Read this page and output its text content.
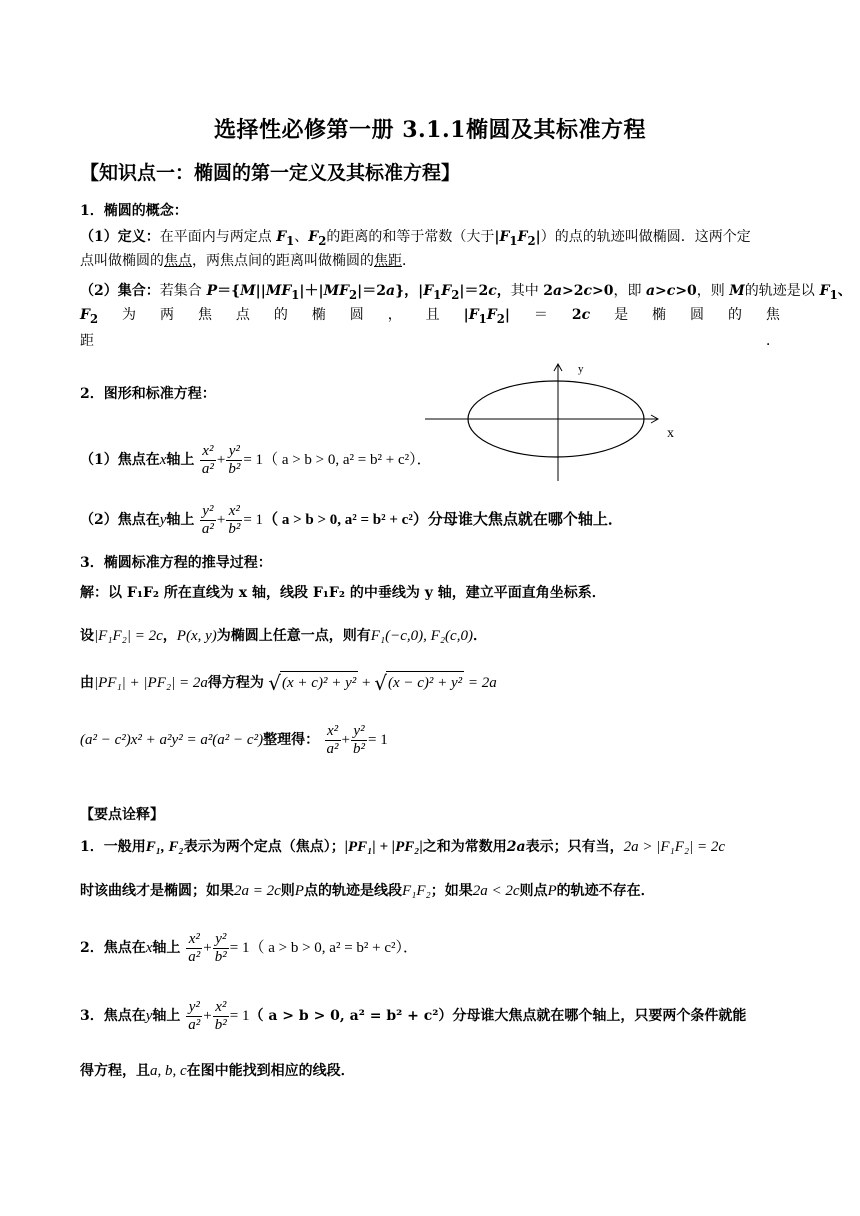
选择性必修第一册 3.1.1椭圆及其标准方程
【知识点一：椭圆的第一定义及其标准方程】
1．椭圆的概念：
（1）定义：在平面内与两定点 $F_1$、$F_2$的距离的和等于常数（大于$|F_1F_2|$）的点的轨迹叫做椭圆．这两个定
点叫做椭圆的焦点，两焦点间的距离叫做椭圆的焦距．
（2）集合：若集合 $P=\{M||MF_1|+|MF_2|=2a\}$，$|F_1F_2|=2c$，其中 2a>2c>0，即 a>c>0，则 M的轨迹是以 $F_1$、
$F_2$ 为 两 焦 点 的 椭 圆 ， 且 $|F_1F_2| = 2c$ 是 椭 圆 的 焦
距	．
2．图形和标准方程：
x
y
（1）焦点在x轴上 $\frac{\text{x²}}{\text{a²}} + \frac{\text{y²}}{\text{b²}} = 1$（ a > b > 0, a² = b² + c²）．
（2）焦点在y轴上 $\frac{\text{y²}}{\text{a²}} + \frac{\text{x²}}{\text{b²}} = 1$（ a > b > 0, a² = b² + c²）分母谁大焦点就在哪个轴上．
3．椭圆标准方程的推导过程：
解：以 F₁F₂ 所在直线为 x 轴，线段 F₁F₂ 的中垂线为 y 轴，建立平面直角坐标系．
设|F₁F₂| = 2c，P(x, y)为椭圆上任意一点，则有F₁(−c,0), F₂(c,0)．
由|PF₁| + |PF₂| = 2a得方程为 √(x + c)² + y² + √(x − c)² + y² = 2a
(a² − c²)x² + a²y² = a²(a² − c²)整理得： $\frac{\text{x²}}{\text{a²}} + \frac{\text{y²}}{\text{b²}} = 1$
【要点诠释】
1．一般用F₁, F₂表示为两个定点（焦点）；|PF₁| + |PF₂|之和为常数用2a表示；只有当，2a > |F₁F₂| = 2c
时该曲线才是椭圆；如果2a = 2c则P点的轨迹是线段F₁F₂；如果2a < 2c则点P的轨迹不存在．
2．焦点在x轴上 $\frac{\text{x²}}{\text{a²}} + \frac{\text{y²}}{\text{b²}} = 1$（ a > b > 0, a² = b² + c²）．
3．焦点在y轴上 $\frac{\text{y²}}{\text{a²}} + \frac{\text{x²}}{\text{b²}} = 1$（ a > b > 0, a² = b² + c²）分母谁大焦点就在哪个轴上，只要两个条件就能
得方程，且a, b, c在图中能找到相应的线段．
